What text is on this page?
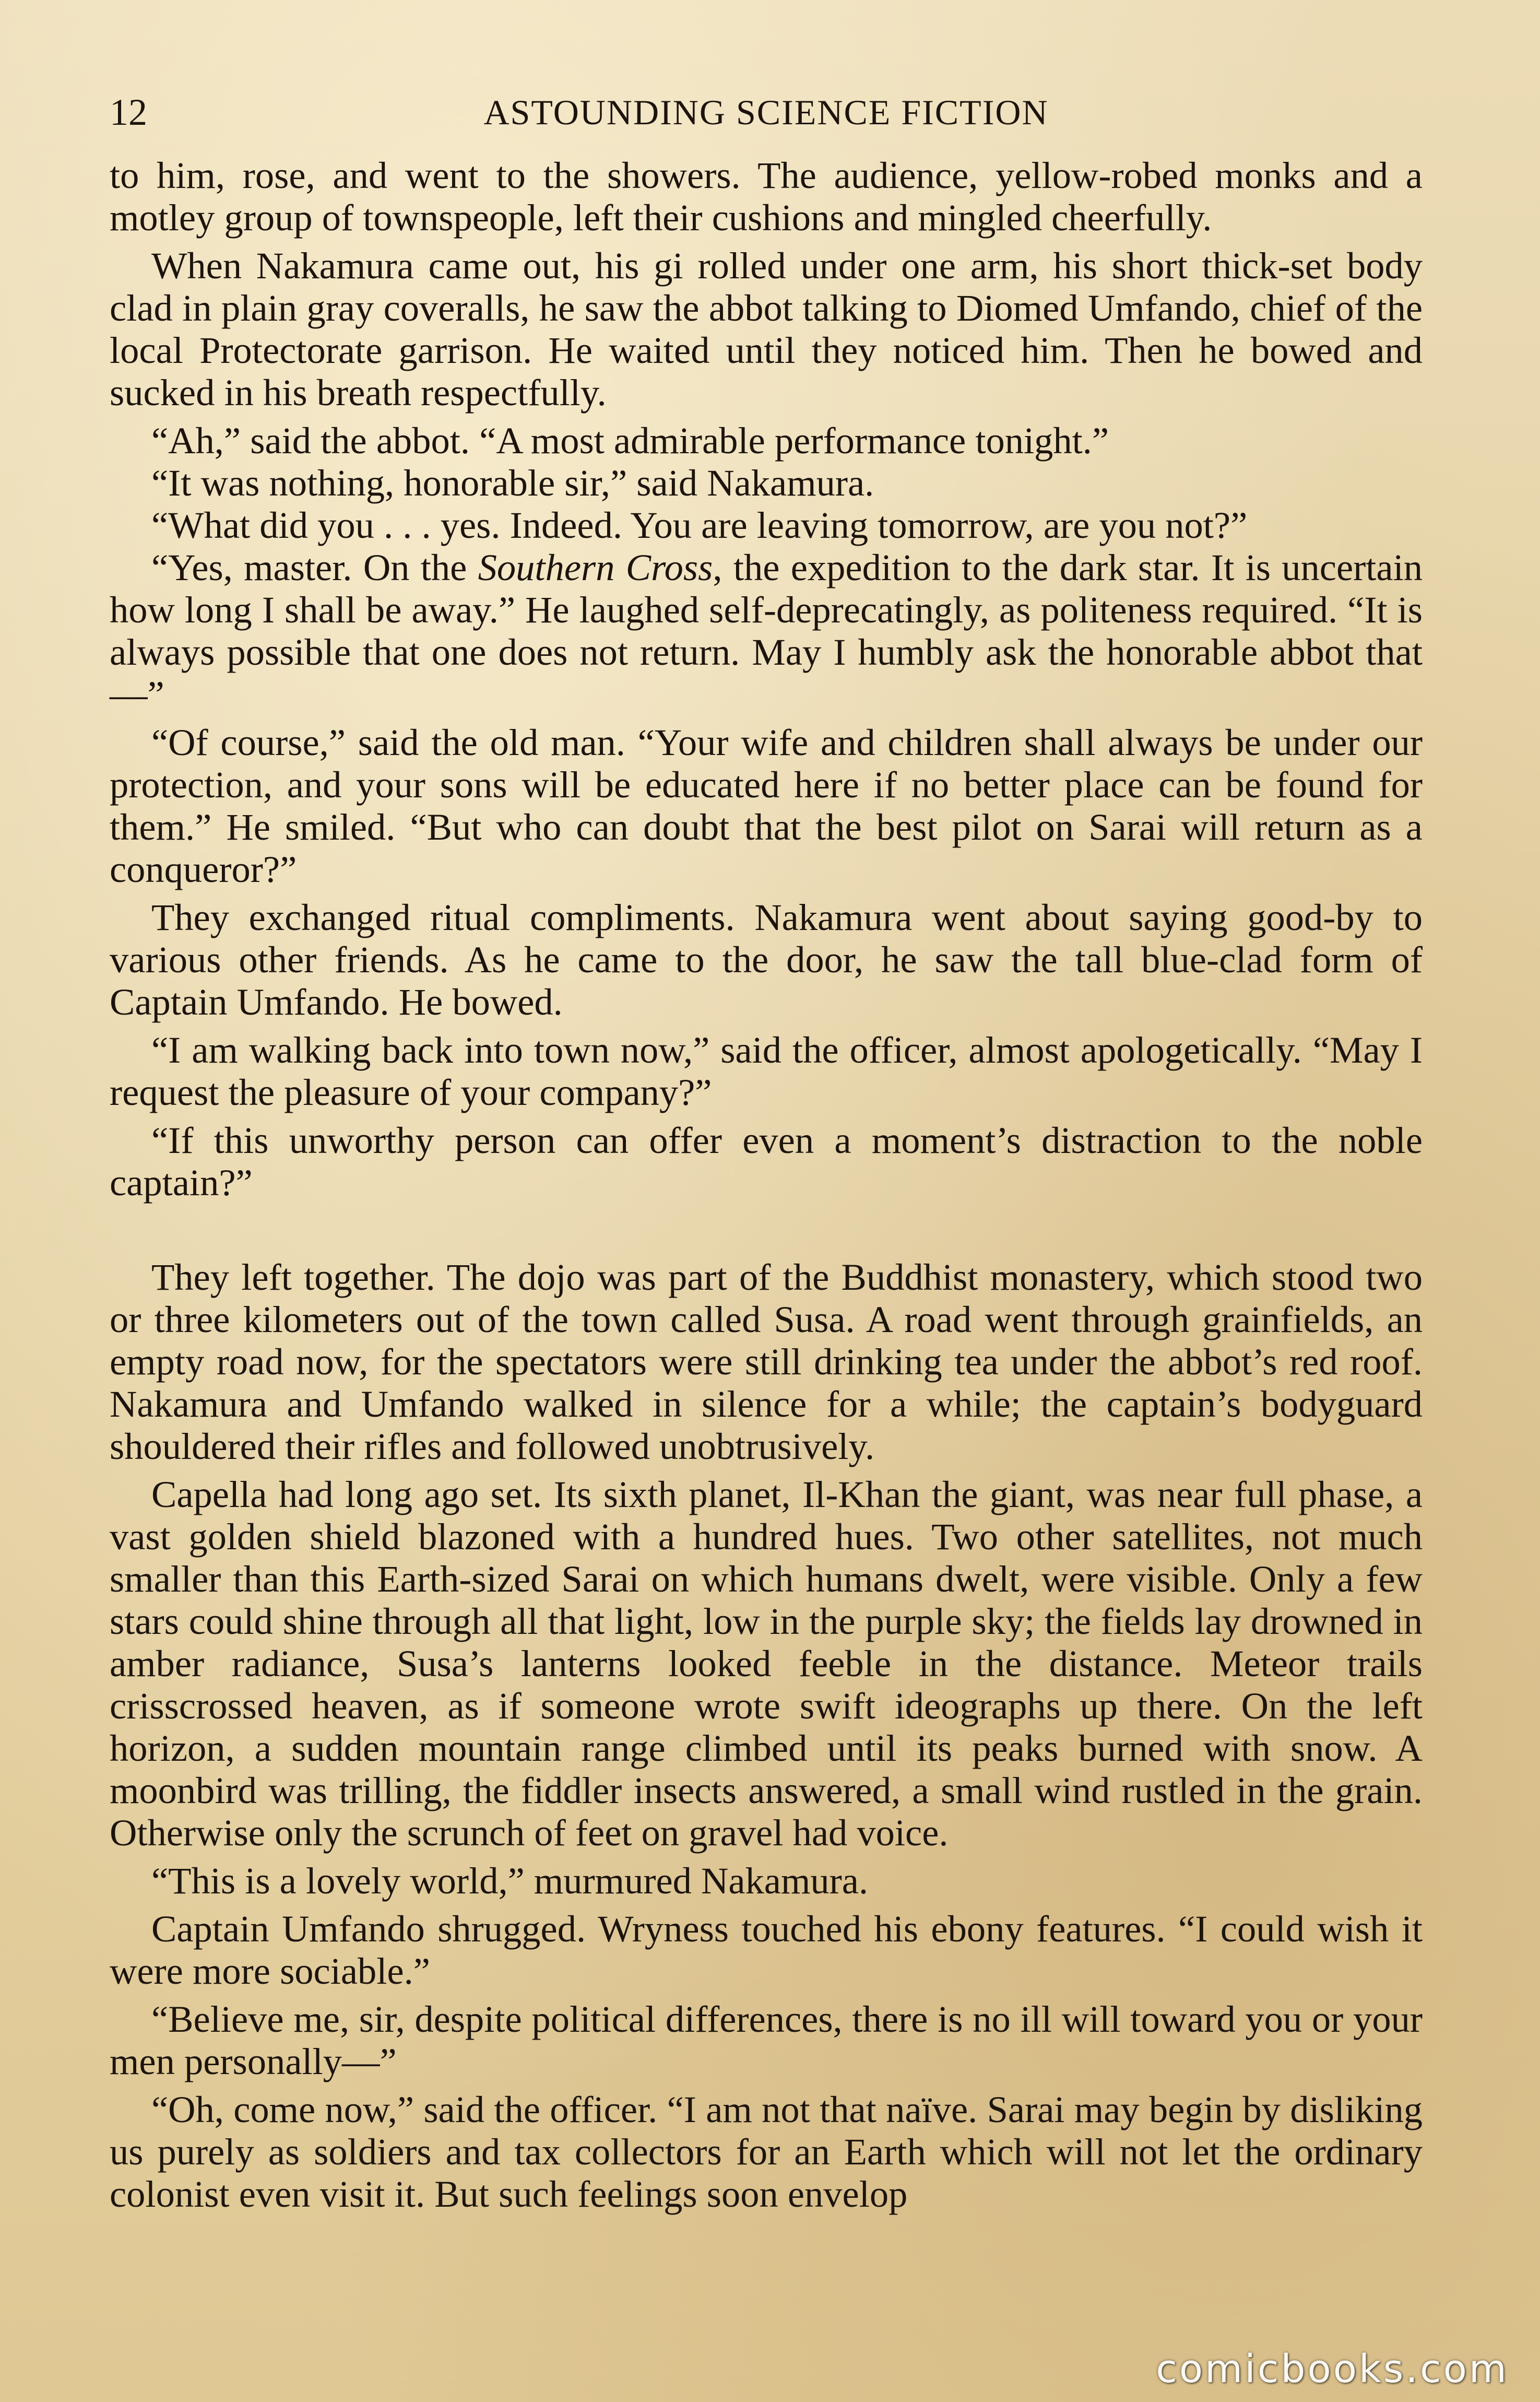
12	ASTOUNDING SCIENCE FICTION

to him, rose, and went to the showers. The audience, yellow-robed monks and a motley group of townspeople, left their cushions and mingled cheerfully.

When Nakamura came out, his gi rolled under one arm, his short thick-set body clad in plain gray coveralls, he saw the abbot talking to Diomed Umfando, chief of the local Protectorate garrison. He waited until they noticed him. Then he bowed and sucked in his breath respectfully.

“Ah,” said the abbot. “A most admirable performance tonight.”

“It was nothing, honorable sir,” said Nakamura.

“What did you . . . yes. Indeed. You are leaving tomorrow, are you not?”

“Yes, master. On the Southern Cross, the expedition to the dark star. It is uncertain how long I shall be away.” He laughed self-deprecatingly, as politeness required. “It is always possible that one does not return. May I humbly ask the honorable abbot that—”

“Of course,” said the old man. “Your wife and children shall always be under our protection, and your sons will be educated here if no better place can be found for them.” He smiled. “But who can doubt that the best pilot on Sarai will return as a conqueror?”

They exchanged ritual compliments. Nakamura went about saying good-by to various other friends. As he came to the door, he saw the tall blue-clad form of Captain Umfando. He bowed.

“I am walking back into town now,” said the officer, almost apologetically. “May I request the pleasure of your company?”

“If this unworthy person can offer even a moment’s distraction to the noble captain?”

They left together. The dojo was part of the Buddhist monastery, which stood two or three kilometers out of the town called Susa. A road went through grainfields, an empty road now, for the spectators were still drinking tea under the abbot’s red roof. Nakamura and Umfando walked in silence for a while; the captain’s bodyguard shouldered their rifles and followed unobtrusively.

Capella had long ago set. Its sixth planet, Il-Khan the giant, was near full phase, a vast golden shield blazoned with a hundred hues. Two other satellites, not much smaller than this Earth-sized Sarai on which humans dwelt, were visible. Only a few stars could shine through all that light, low in the purple sky; the fields lay drowned in amber radiance, Susa’s lanterns looked feeble in the distance. Meteor trails crisscrossed heaven, as if someone wrote swift ideographs up there. On the left horizon, a sudden mountain range climbed until its peaks burned with snow. A moonbird was trilling, the fiddler insects answered, a small wind rustled in the grain. Otherwise only the scrunch of feet on gravel had voice.

“This is a lovely world,” murmured Nakamura.

Captain Umfando shrugged. Wryness touched his ebony features. “I could wish it were more sociable.”

“Believe me, sir, despite political differences, there is no ill will toward you or your men personally—”

“Oh, come now,” said the officer. “I am not that naïve. Sarai may begin by disliking us purely as soldiers and tax collectors for an Earth which will not let the ordinary colonist even visit it. But such feelings soon envelop

comicbooks.com
